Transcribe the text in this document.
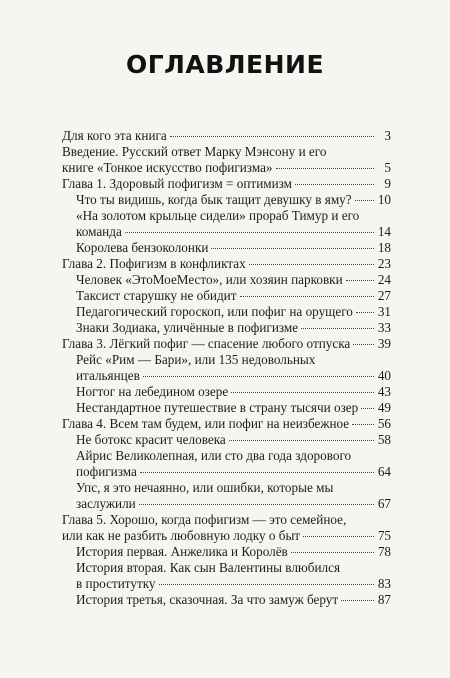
ОГЛАВЛЕНИЕ
Для кого эта книга	3
Введение. Русский ответ Марку Мэнсону и его
книге «Тонкое искусство пофигизма»	5
Глава 1. Здоровый пофигизм = оптимизм	9
Что ты видишь, когда бык тащит девушку в яму?	10
«На золотом крыльце сидели» прораб Тимур и его
команда	14
Королева бензоколонки	18
Глава 2. Пофигизм в конфликтах	23
Человек «ЭтоМоеМесто», или хозяин парковки	24
Таксист старушку не обидит	27
Педагогический гороскоп, или пофиг на орущего	31
Знаки Зодиака, уличённые в пофигизме	33
Глава 3. Лёгкий пофиг — спасение любого отпуска	39
Рейс «Рим — Бари», или 135 недовольных
итальянцев	40
Ногтог на лебедином озере	43
Нестандартное путешествие в страну тысячи озер	49
Глава 4. Всем там будем, или пофиг на неизбежное	56
Не ботокс красит человека	58
Айрис Великолепная, или сто два года здорового
пофигизма	64
Упс, я это нечаянно, или ошибки, которые мы
заслужили	67
Глава 5. Хорошо, когда пофигизм — это семейное,
или как не разбить любовную лодку о быт	75
История первая. Анжелика и Королёв	78
История вторая. Как сын Валентины влюбился
в проститутку	83
История третья, сказочная. За что замуж берут	87
